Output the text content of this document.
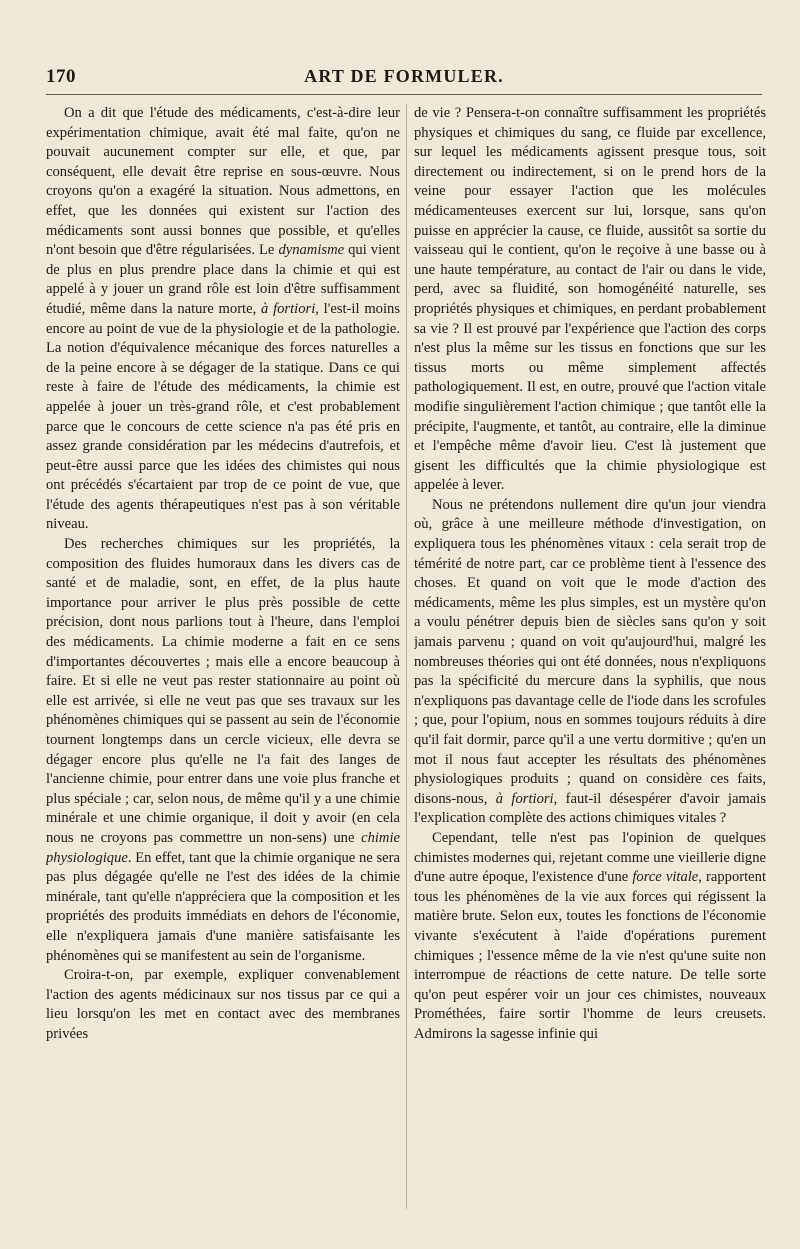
170	ART DE FORMULER.

On a dit que l'étude des médicaments, c'est-à-dire leur expérimentation chimique, avait été mal faite, qu'on ne pouvait aucunement compter sur elle, et que, par conséquent, elle devait être reprise en sous-œuvre. Nous croyons qu'on a exagéré la situation. Nous admettons, en effet, que les données qui existent sur l'action des médicaments sont aussi bonnes que possible, et qu'elles n'ont besoin que d'être régularisées. Le dynamisme qui vient de plus en plus prendre place dans la chimie et qui est appelé à y jouer un grand rôle est loin d'être suffisamment étudié, même dans la nature morte, à fortiori, l'est-il moins encore au point de vue de la physiologie et de la pathologie. La notion d'équivalence mécanique des forces naturelles a de la peine encore à se dégager de la statique. Dans ce qui reste à faire de l'étude des médicaments, la chimie est appelée à jouer un très-grand rôle, et c'est probablement parce que le concours de cette science n'a pas été pris en assez grande considération par les médecins d'autrefois, et peut-être aussi parce que les idées des chimistes qui nous ont précédés s'écartaient par trop de ce point de vue, que l'étude des agents thérapeutiques n'est pas à son véritable niveau.

Des recherches chimiques sur les propriétés, la composition des fluides humoraux dans les divers cas de santé et de maladie, sont, en effet, de la plus haute importance pour arriver le plus près possible de cette précision, dont nous parlions tout à l'heure, dans l'emploi des médicaments. La chimie moderne a fait en ce sens d'importantes découvertes ; mais elle a encore beaucoup à faire. Et si elle ne veut pas rester stationnaire au point où elle est arrivée, si elle ne veut pas que ses travaux sur les phénomènes chimiques qui se passent au sein de l'économie tournent longtemps dans un cercle vicieux, elle devra se dégager encore plus qu'elle ne l'a fait des langes de l'ancienne chimie, pour entrer dans une voie plus franche et plus spéciale ; car, selon nous, de même qu'il y a une chimie minérale et une chimie organique, il doit y avoir (en cela nous ne croyons pas commettre un non-sens) une chimie physiologique. En effet, tant que la chimie organique ne sera pas plus dégagée qu'elle ne l'est des idées de la chimie minérale, tant qu'elle n'appréciera que la composition et les propriétés des produits immédiats en dehors de l'économie, elle n'expliquera jamais d'une manière satisfaisante les phénomènes qui se manifestent au sein de l'organisme.

Croira-t-on, par exemple, expliquer convenablement l'action des agents médicinaux sur nos tissus par ce qui a lieu lorsqu'on les met en contact avec des membranes privées

de vie ? Pensera-t-on connaître suffisamment les propriétés physiques et chimiques du sang, ce fluide par excellence, sur lequel les médicaments agissent presque tous, soit directement ou indirectement, si on le prend hors de la veine pour essayer l'action que les molécules médicamenteuses exercent sur lui, lorsque, sans qu'on puisse en apprécier la cause, ce fluide, aussitôt sa sortie du vaisseau qui le contient, qu'on le reçoive à une basse ou à une haute température, au contact de l'air ou dans le vide, perd, avec sa fluidité, son homogénéité naturelle, ses propriétés physiques et chimiques, en perdant probablement sa vie ? Il est prouvé par l'expérience que l'action des corps n'est plus la même sur les tissus en fonctions que sur les tissus morts ou même simplement affectés pathologiquement. Il est, en outre, prouvé que l'action vitale modifie singulièrement l'action chimique ; que tantôt elle la précipite, l'augmente, et tantôt, au contraire, elle la diminue et l'empêche même d'avoir lieu. C'est là justement que gisent les difficultés que la chimie physiologique est appelée à lever.

Nous ne prétendons nullement dire qu'un jour viendra où, grâce à une meilleure méthode d'investigation, on expliquera tous les phénomènes vitaux : cela serait trop de témérité de notre part, car ce problème tient à l'essence des choses. Et quand on voit que le mode d'action des médicaments, même les plus simples, est un mystère qu'on a voulu pénétrer depuis bien de siècles sans qu'on y soit jamais parvenu ; quand on voit qu'aujourd'hui, malgré les nombreuses théories qui ont été données, nous n'expliquons pas la spécificité du mercure dans la syphilis, que nous n'expliquons pas davantage celle de l'iode dans les scrofules ; que, pour l'opium, nous en sommes toujours réduits à dire qu'il fait dormir, parce qu'il a une vertu dormitive ; qu'en un mot il nous faut accepter les résultats des phénomènes physiologiques produits ; quand on considère ces faits, disons-nous, à fortiori, faut-il désespérer d'avoir jamais l'explication complète des actions chimiques vitales ?

Cependant, telle n'est pas l'opinion de quelques chimistes modernes qui, rejetant comme une vieillerie digne d'une autre époque, l'existence d'une force vitale, rapportent tous les phénomènes de la vie aux forces qui régissent la matière brute. Selon eux, toutes les fonctions de l'économie vivante s'exécutent à l'aide d'opérations purement chimiques ; l'essence même de la vie n'est qu'une suite non interrompue de réactions de cette nature. De telle sorte qu'on peut espérer voir un jour ces chimistes, nouveaux Prométhées, faire sortir l'homme de leurs creusets. Admirons la sagesse infinie qui
